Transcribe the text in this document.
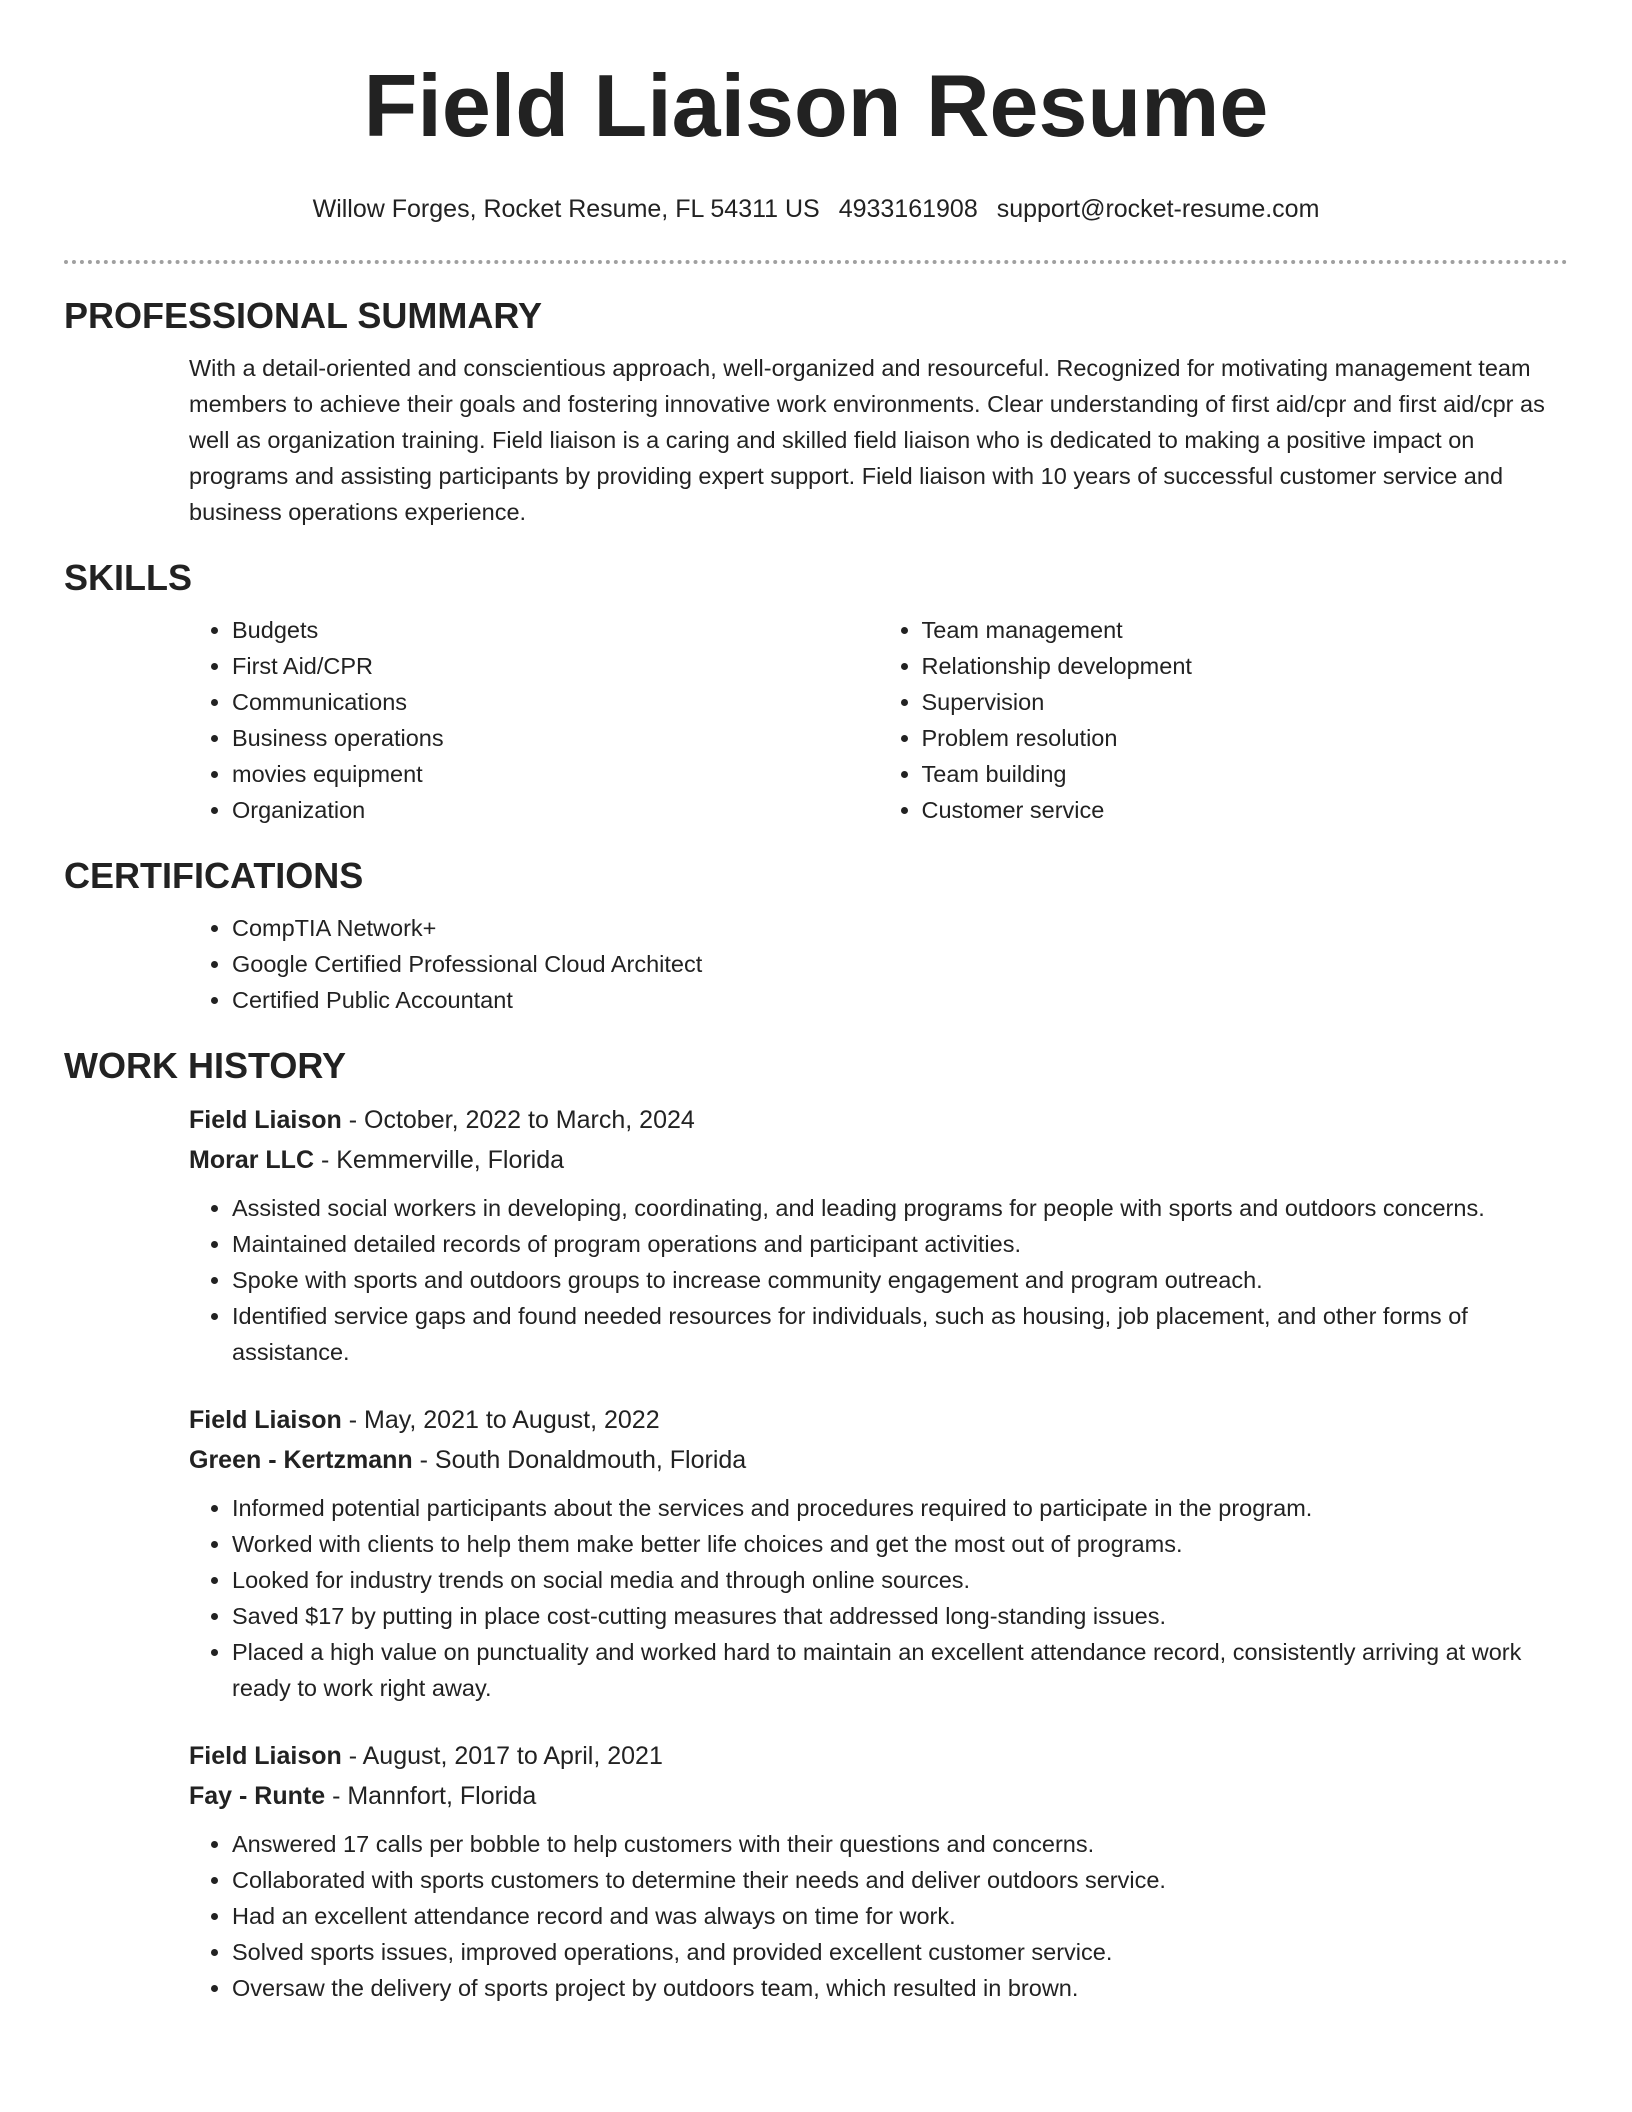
Field Liaison Resume
Willow Forges, Rocket Resume, FL 54311 US 4933161908 support@rocket-resume.com
PROFESSIONAL SUMMARY

With a detail-oriented and conscientious approach, well-organized and resourceful. Recognized for motivating management team members to achieve their goals and fostering innovative work environments. Clear understanding of first aid/cpr and first aid/cpr as well as organization training. Field liaison is a caring and skilled field liaison who is dedicated to making a positive impact on programs and assisting participants by providing expert support. Field liaison with 10 years of successful customer service and business operations experience.

SKILLS
• Budgets
• First Aid/CPR
• Communications
• Business operations
• movies equipment
• Organization
• Team management
• Relationship development
• Supervision
• Problem resolution
• Team building
• Customer service
CERTIFICATIONS
• CompTIA Network+
• Google Certified Professional Cloud Architect
• Certified Public Accountant
WORK HISTORY

Field Liaison - October, 2022 to March, 2024

Morar LLC - Kemmerville, Florida

• Assisted social workers in developing, coordinating, and leading programs for people with sports and outdoors concerns.
• Maintained detailed records of program operations and participant activities.
• Spoke with sports and outdoors groups to increase community engagement and program outreach.
• Identified service gaps and found needed resources for individuals, such as housing, job placement, and other forms of assistance.

Field Liaison - May, 2021 to August, 2022

Green - Kertzmann - South Donaldmouth, Florida

• Informed potential participants about the services and procedures required to participate in the program.
• Worked with clients to help them make better life choices and get the most out of programs.
• Looked for industry trends on social media and through online sources.
• Saved $17 by putting in place cost-cutting measures that addressed long-standing issues.
• Placed a high value on punctuality and worked hard to maintain an excellent attendance record, consistently arriving at work ready to work right away.

Field Liaison - August, 2017 to April, 2021

Fay - Runte - Mannfort, Florida

• Answered 17 calls per bobble to help customers with their questions and concerns.
• Collaborated with sports customers to determine their needs and deliver outdoors service.
• Had an excellent attendance record and was always on time for work.
• Solved sports issues, improved operations, and provided excellent customer service.
• Oversaw the delivery of sports project by outdoors team, which resulted in brown.
